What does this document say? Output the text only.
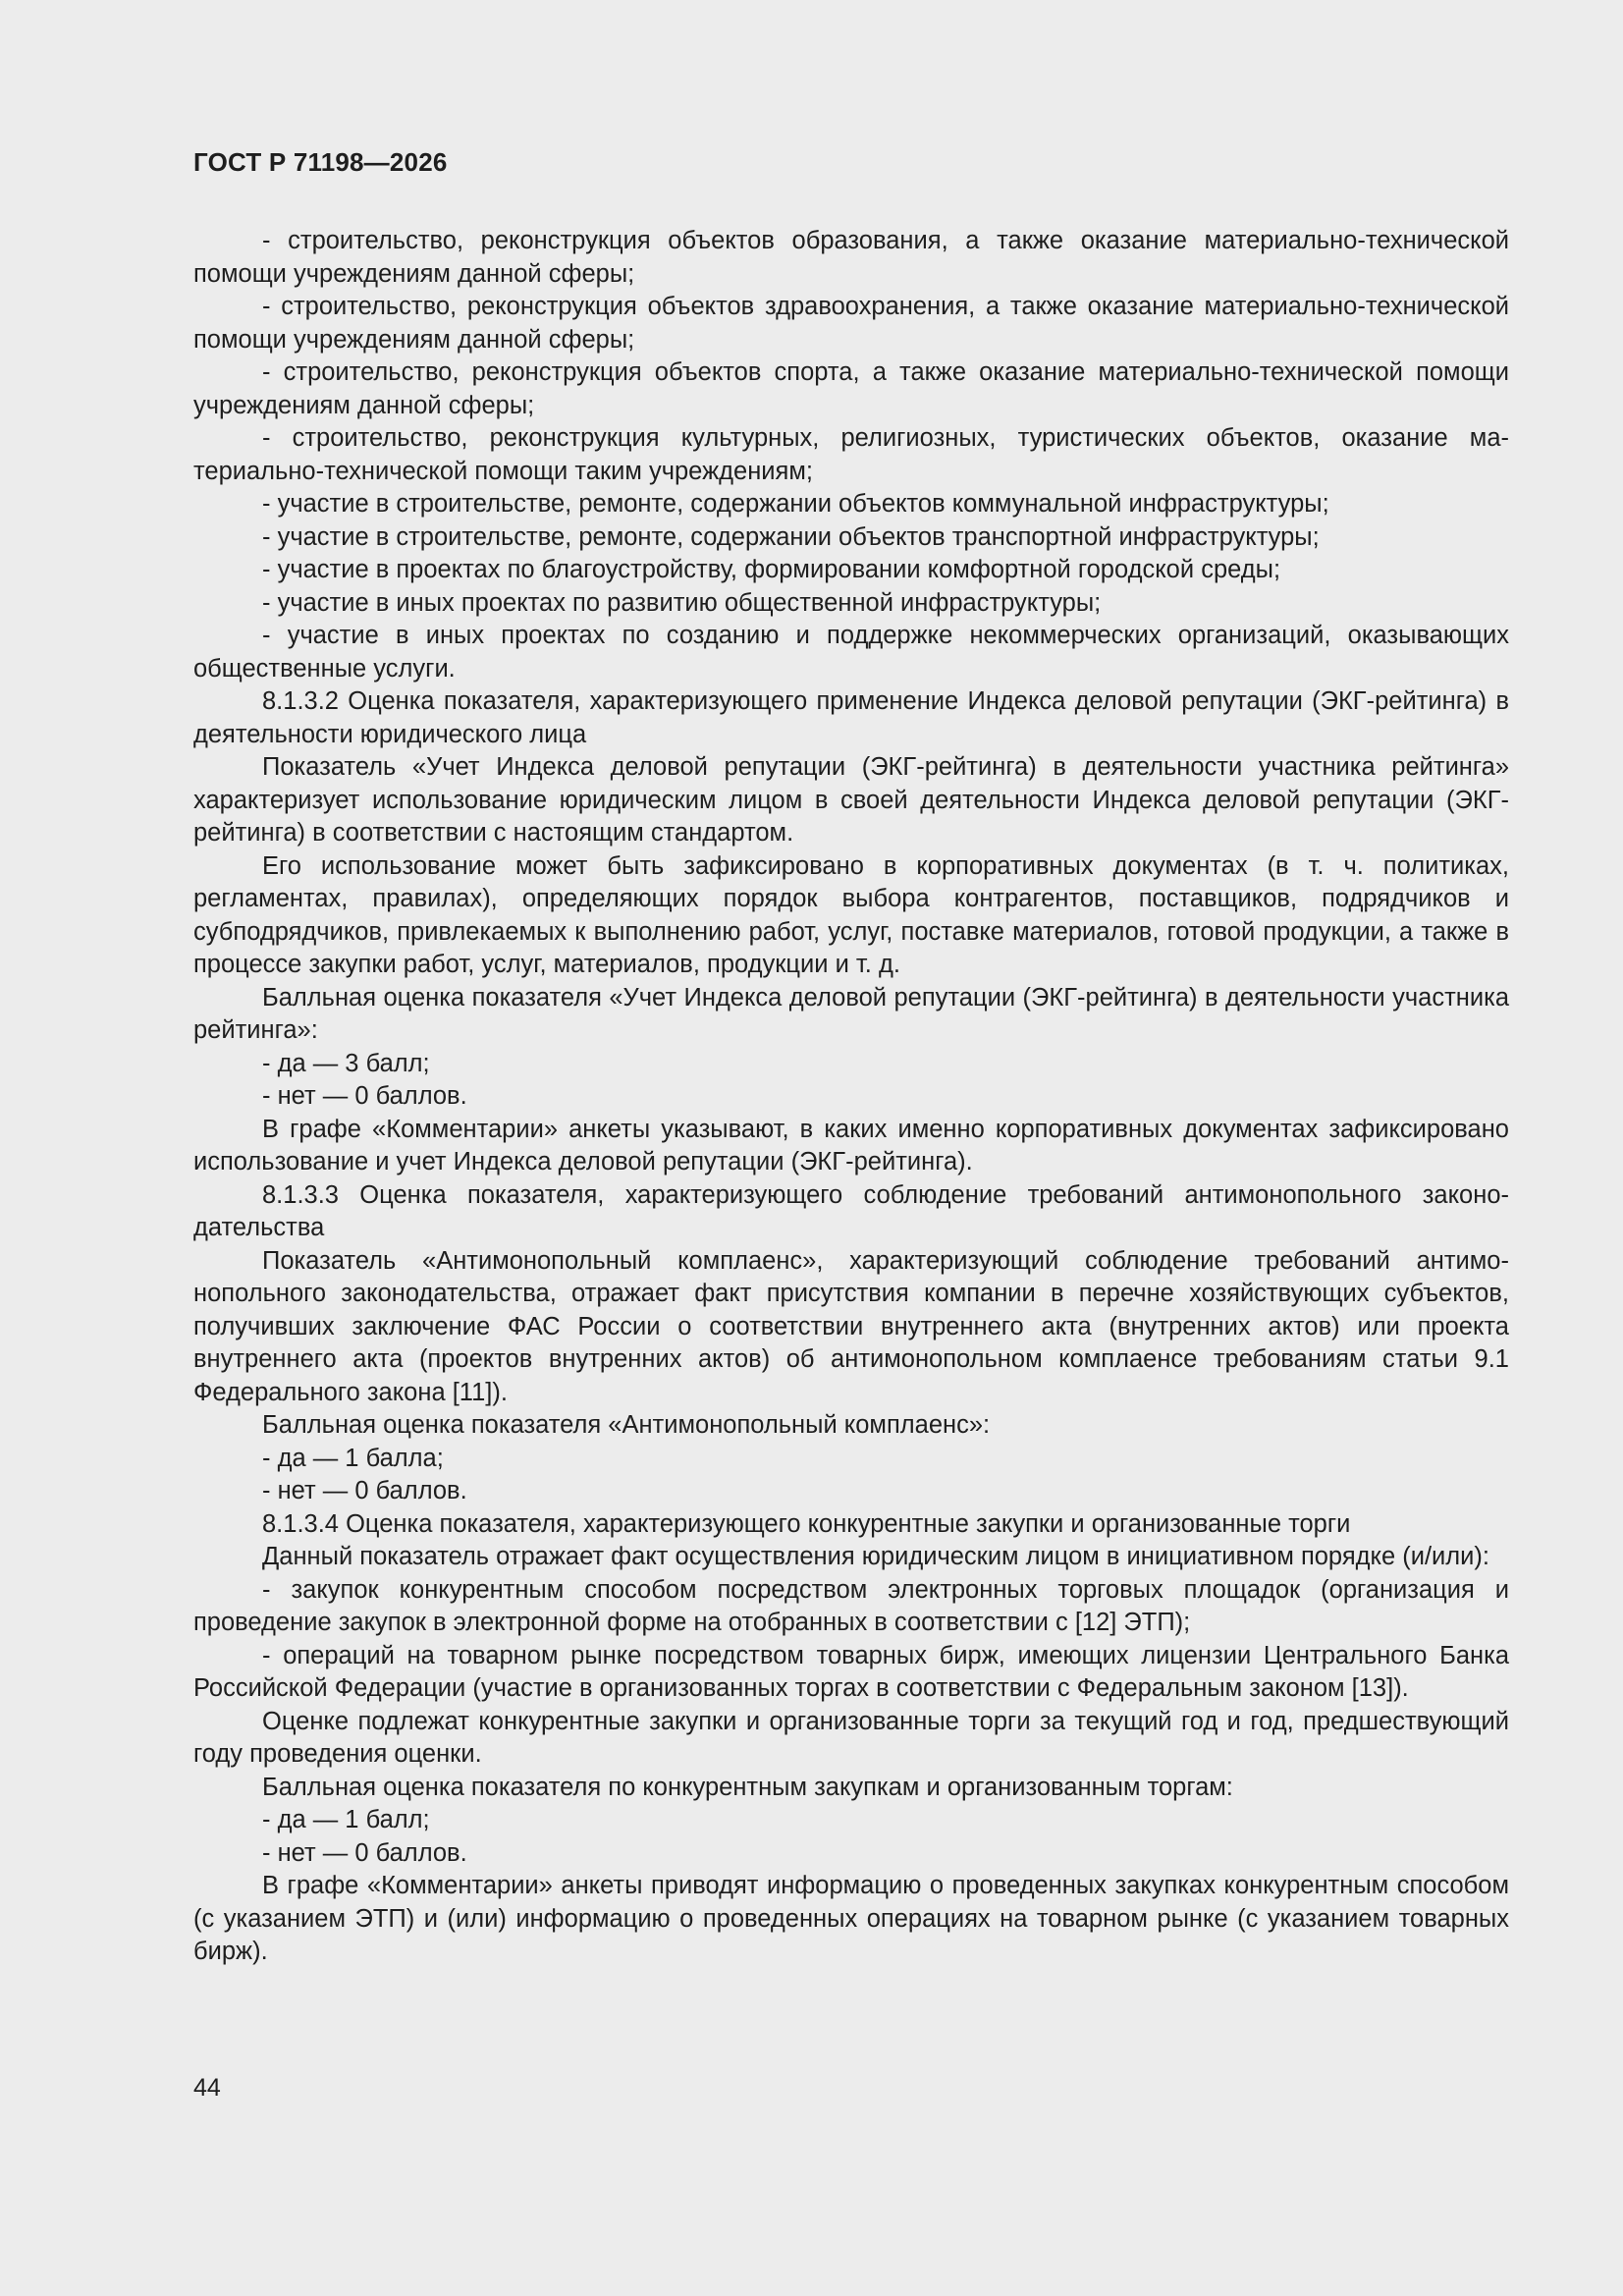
ГОСТ Р 71198—2026

- строительство, реконструкция объектов образования, а также оказание материально-технической помощи учреждениям данной сферы;

- строительство, реконструкция объектов здравоохранения, а также оказание материально-технической помощи учреждениям данной сферы;

- строительство, реконструкция объектов спорта, а также оказание материально-технической помощи учреждениям данной сферы;

- строительство, реконструкция культурных, религиозных, туристических объектов, оказание материально-технической помощи таким учреждениям;

- участие в строительстве, ремонте, содержании объектов коммунальной инфраструктуры;

- участие в строительстве, ремонте, содержании объектов транспортной инфраструктуры;

- участие в проектах по благоустройству, формировании комфортной городской среды;

- участие в иных проектах по развитию общественной инфраструктуры;

- участие в иных проектах по созданию и поддержке некоммерческих организаций, оказывающих общественные услуги.

8.1.3.2 Оценка показателя, характеризующего применение Индекса деловой репутации (ЭКГ-рейтинга) в деятельности юридического лица

Показатель «Учет Индекса деловой репутации (ЭКГ-рейтинга) в деятельности участника рейтинга» характеризует использование юридическим лицом в своей деятельности Индекса деловой репутации (ЭКГ-рейтинга) в соответствии с настоящим стандартом.

Его использование может быть зафиксировано в корпоративных документах (в т. ч. политиках, регламентах, правилах), определяющих порядок выбора контрагентов, поставщиков, подрядчиков и субподрядчиков, привлекаемых к выполнению работ, услуг, поставке материалов, готовой продукции, а также в процессе закупки работ, услуг, материалов, продукции и т. д.

Балльная оценка показателя «Учет Индекса деловой репутации (ЭКГ-рейтинга) в деятельности участника рейтинга»:

- да — 3 балл;

- нет — 0 баллов.

В графе «Комментарии» анкеты указывают, в каких именно корпоративных документах зафиксировано использование и учет Индекса деловой репутации (ЭКГ-рейтинга).

8.1.3.3 Оценка показателя, характеризующего соблюдение требований антимонопольного законодательства

Показатель «Антимонопольный комплаенс», характеризующий соблюдение требований антимонопольного законодательства, отражает факт присутствия компании в перечне хозяйствующих субъектов, получивших заключение ФАС России о соответствии внутреннего акта (внутренних актов) или проекта внутреннего акта (проектов внутренних актов) об антимонопольном комплаенсе требованиям статьи 9.1 Федерального закона [11]).

Балльная оценка показателя «Антимонопольный комплаенс»:

- да — 1 балла;

- нет — 0 баллов.

8.1.3.4 Оценка показателя, характеризующего конкурентные закупки и организованные торги

Данный показатель отражает факт осуществления юридическим лицом в инициативном порядке (и/или):

- закупок конкурентным способом посредством электронных торговых площадок (организация и проведение закупок в электронной форме на отобранных в соответствии с [12] ЭТП);

- операций на товарном рынке посредством товарных бирж, имеющих лицензии Центрального Банка Российской Федерации (участие в организованных торгах в соответствии с Федеральным законом [13]).

Оценке подлежат конкурентные закупки и организованные торги за текущий год и год, предшествующий году проведения оценки.

Балльная оценка показателя по конкурентным закупкам и организованным торгам:

- да — 1 балл;

- нет — 0 баллов.

В графе «Комментарии» анкеты приводят информацию о проведенных закупках конкурентным способом (с указанием ЭТП) и (или) информацию о проведенных операциях на товарном рынке (с указанием товарных бирж).

44
